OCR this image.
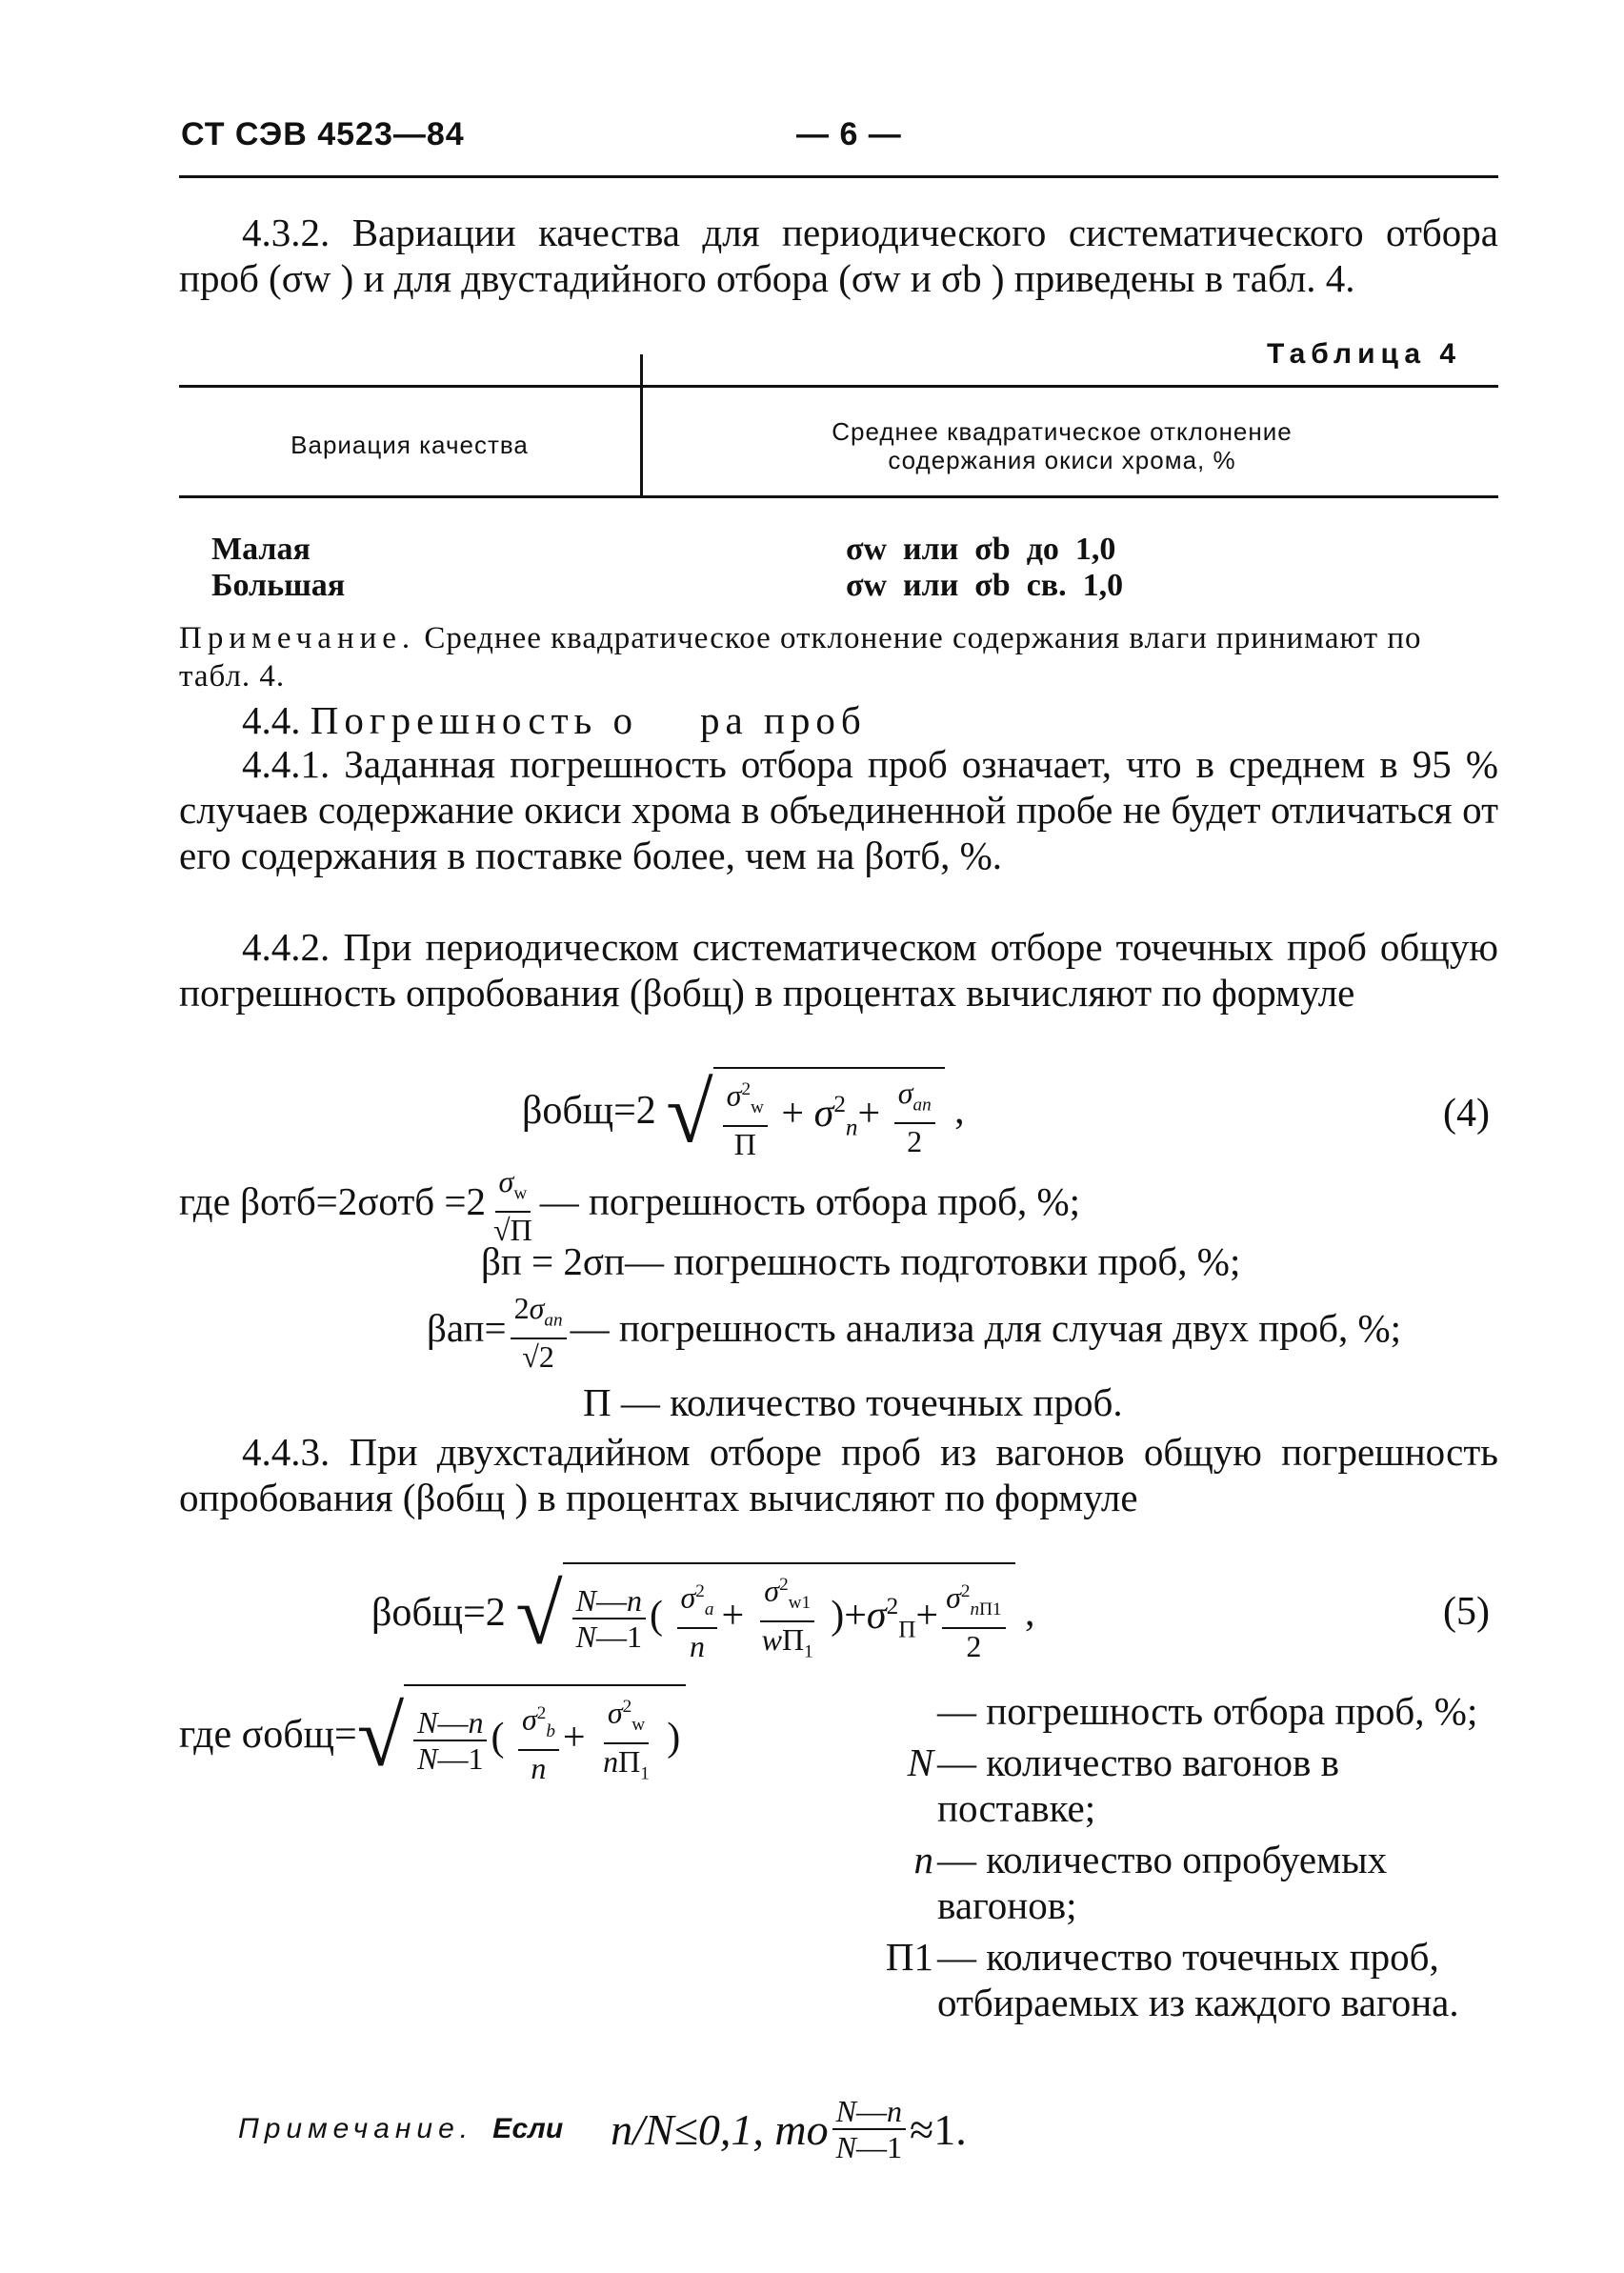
СТ СЭВ 4523—84	— 6 —
4.3.2. Вариации качества для периодического систематического отбора проб (σw ) и для двустадийного отбора (σw и σb ) приведены в табл. 4.
Таблица 4
Вариация качества	Среднее квадратическое отклонение содержания окиси хрома, %
Малая	σw  или  σb  до  1,0
Большая	σw  или  σb  св.  1,0
Примечание. Среднее квадратическое отклонение содержания влаги принимают по табл. 4.
4.4. Погрешность о    ра проб
4.4.1. Заданная погрешность отбора проб означает, что в среднем в 95 % случаев содержание окиси хрома в объединенной пробе не будет отличаться от его содержания в поставке более, чем на βотб, %.
4.4.2. При периодическом систематическом отборе точечных проб общую погрешность опробования (βобщ) в процентах вычисляют по формуле
βобщ=2 √ $\frac{\sigma^2_w}{П} + \sigma^2_п+ \frac{\sigma_{ап}}{2}$ ,	(4)
где $\beta отб=2\sigma отб =2 \frac{\sigma_w}{√П}$ — погрешность отбора проб, %;
βп = 2σп— погрешность подготовки проб, %;
$\beta ап= \frac{2\sigma_{ап}}{√2}$ — погрешность анализа для случая двух проб, %;
П — количество точечных проб.
4.4.3. При двухстадийном отборе проб из вагонов общую погрешность опробования (βобщ ) в процентах вычисляют по формуле
βобщ=2 √ $\frac{N—n}{N—1}$ ( $\frac{\sigma^2_a}{n} + \frac{\sigma^2_{w1}}{wП_1} )+\sigma^2_П+ \frac{\sigma^2_{пП1}}{2}$ ,	(5)
где $\sigma общ=√ \frac{N—n}{N—1}$ ( $\frac{\sigma^2_b}{n} + \frac{\sigma^2_w}{nП_1}$ )
— погрешность отбора проб, %;
N — количество вагонов в поставке;
n — количество опробуемых вагонов;
П1 — количество точечных проб, отбираемых из каждого вагона.
Примечание. Если n/N≤0,1, то $\frac{N—n}{N—1} \approx 1$.
